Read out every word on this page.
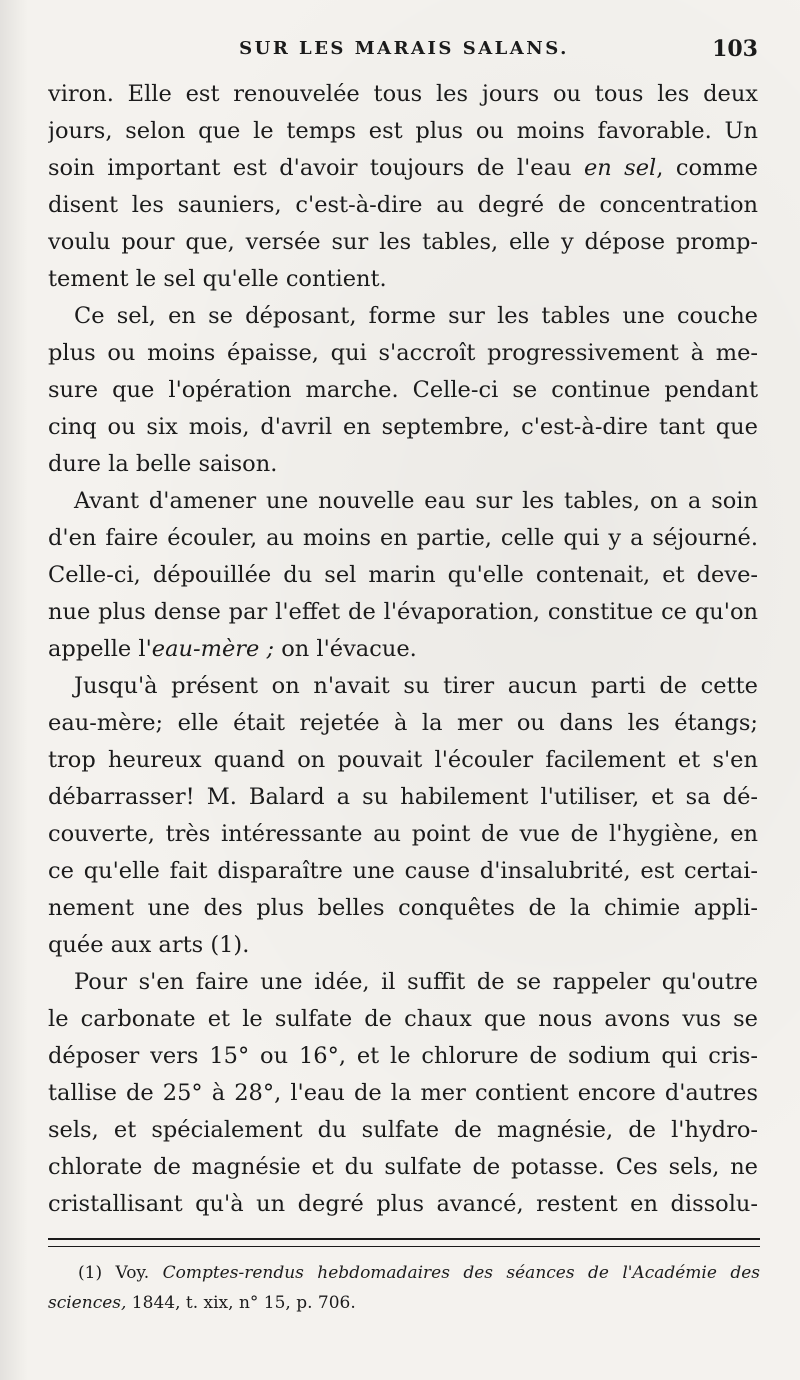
SUR LES MARAIS SALANS.	103
viron. Elle est renouvelée tous les jours ou tous les deux
jours, selon que le temps est plus ou moins favorable. Un
soin important est d'avoir toujours de l'eau en sel, comme
disent les sauniers, c'est-à-dire au degré de concentration
voulu pour que, versée sur les tables, elle y dépose promp-
tement le sel qu'elle contient.
Ce sel, en se déposant, forme sur les tables une couche
plus ou moins épaisse, qui s'accroît progressivement à me-
sure que l'opération marche. Celle-ci se continue pendant
cinq ou six mois, d'avril en septembre, c'est-à-dire tant que
dure la belle saison.
Avant d'amener une nouvelle eau sur les tables, on a soin
d'en faire écouler, au moins en partie, celle qui y a séjourné.
Celle-ci, dépouillée du sel marin qu'elle contenait, et deve-
nue plus dense par l'effet de l'évaporation, constitue ce qu'on
appelle l'eau-mère ; on l'évacue.
Jusqu'à présent on n'avait su tirer aucun parti de cette
eau-mère; elle était rejetée à la mer ou dans les étangs;
trop heureux quand on pouvait l'écouler facilement et s'en
débarrasser! M. Balard a su habilement l'utiliser, et sa dé-
couverte, très intéressante au point de vue de l'hygiène, en
ce qu'elle fait disparaître une cause d'insalubrité, est certai-
nement une des plus belles conquêtes de la chimie appli-
quée aux arts (1).
Pour s'en faire une idée, il suffit de se rappeler qu'outre
le carbonate et le sulfate de chaux que nous avons vus se
déposer vers 15° ou 16°, et le chlorure de sodium qui cris-
tallise de 25° à 28°, l'eau de la mer contient encore d'autres
sels, et spécialement du sulfate de magnésie, de l'hydro-
chlorate de magnésie et du sulfate de potasse. Ces sels, ne
cristallisant qu'à un degré plus avancé, restent en dissolu-
(1) Voy. Comptes-rendus hebdomadaires des séances de l'Académie des
sciences, 1844, t. xix, n° 15, p. 706.
